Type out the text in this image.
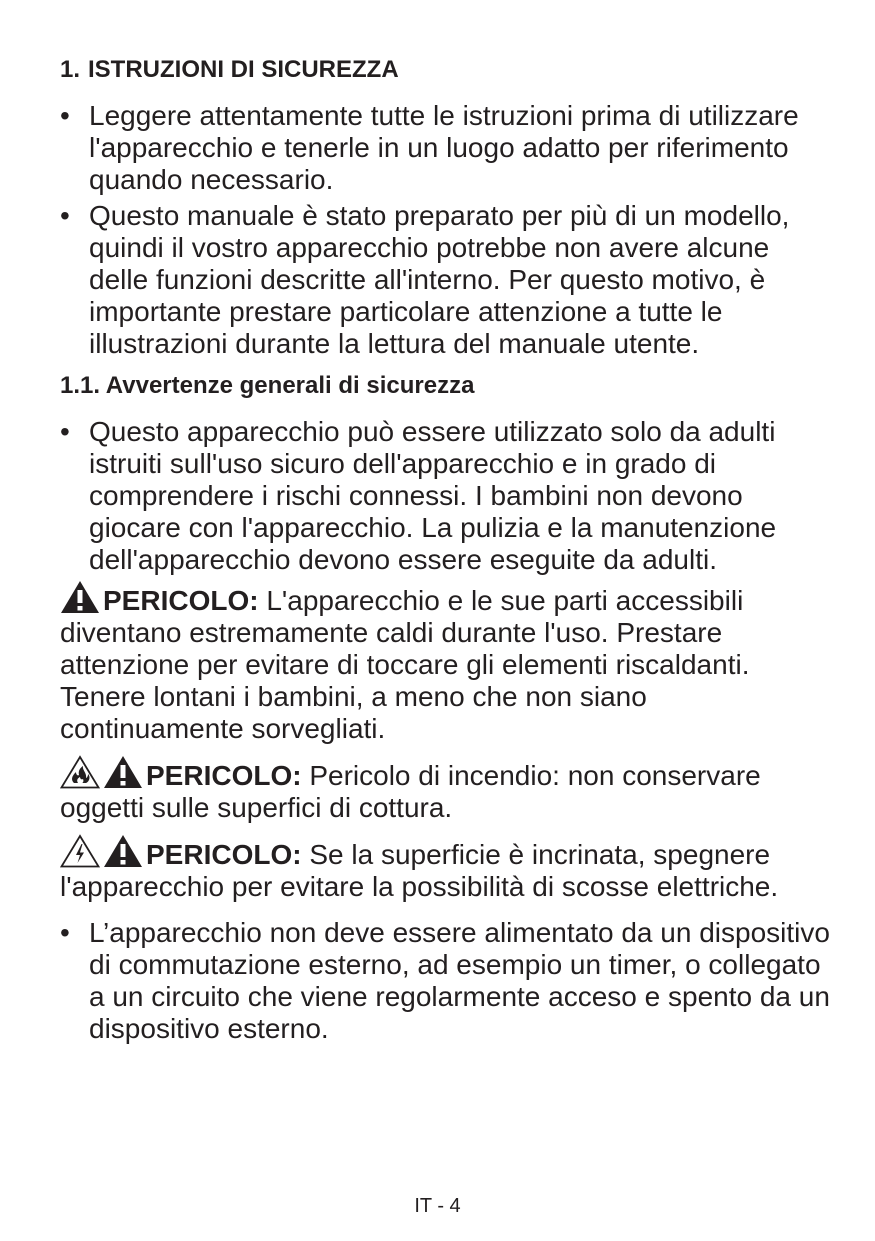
1. ISTRUZIONI DI SICUREZZA
• Leggere attentamente tutte le istruzioni prima di utilizzare l'apparecchio e tenerle in un luogo adatto per riferimento quando necessario.
• Questo manuale è stato preparato per più di un modello, quindi il vostro apparecchio potrebbe non avere alcune delle funzioni descritte all'interno. Per questo motivo, è importante prestare particolare attenzione a tutte le illustrazioni durante la lettura del manuale utente.
1.1. Avvertenze generali di sicurezza
• Questo apparecchio può essere utilizzato solo da adulti istruiti sull'uso sicuro dell'apparecchio e in grado di comprendere i rischi connessi. I bambini non devono giocare con l'apparecchio. La pulizia e la manutenzione dell'apparecchio devono essere eseguite da adulti.
PERICOLO: L'apparecchio e le sue parti accessibili diventano estremamente caldi durante l'uso. Prestare attenzione per evitare di toccare gli elementi riscaldanti. Tenere lontani i bambini, a meno che non siano continuamente sorvegliati.
PERICOLO: Pericolo di incendio: non conservare oggetti sulle superfici di cottura.
PERICOLO: Se la superficie è incrinata, spegnere l'apparecchio per evitare la possibilità di scosse elettriche.
• L’apparecchio non deve essere alimentato da un dispositivo di commutazione esterno, ad esempio un timer, o collegato a un circuito che viene regolarmente acceso e spento da un dispositivo esterno.
IT - 4
